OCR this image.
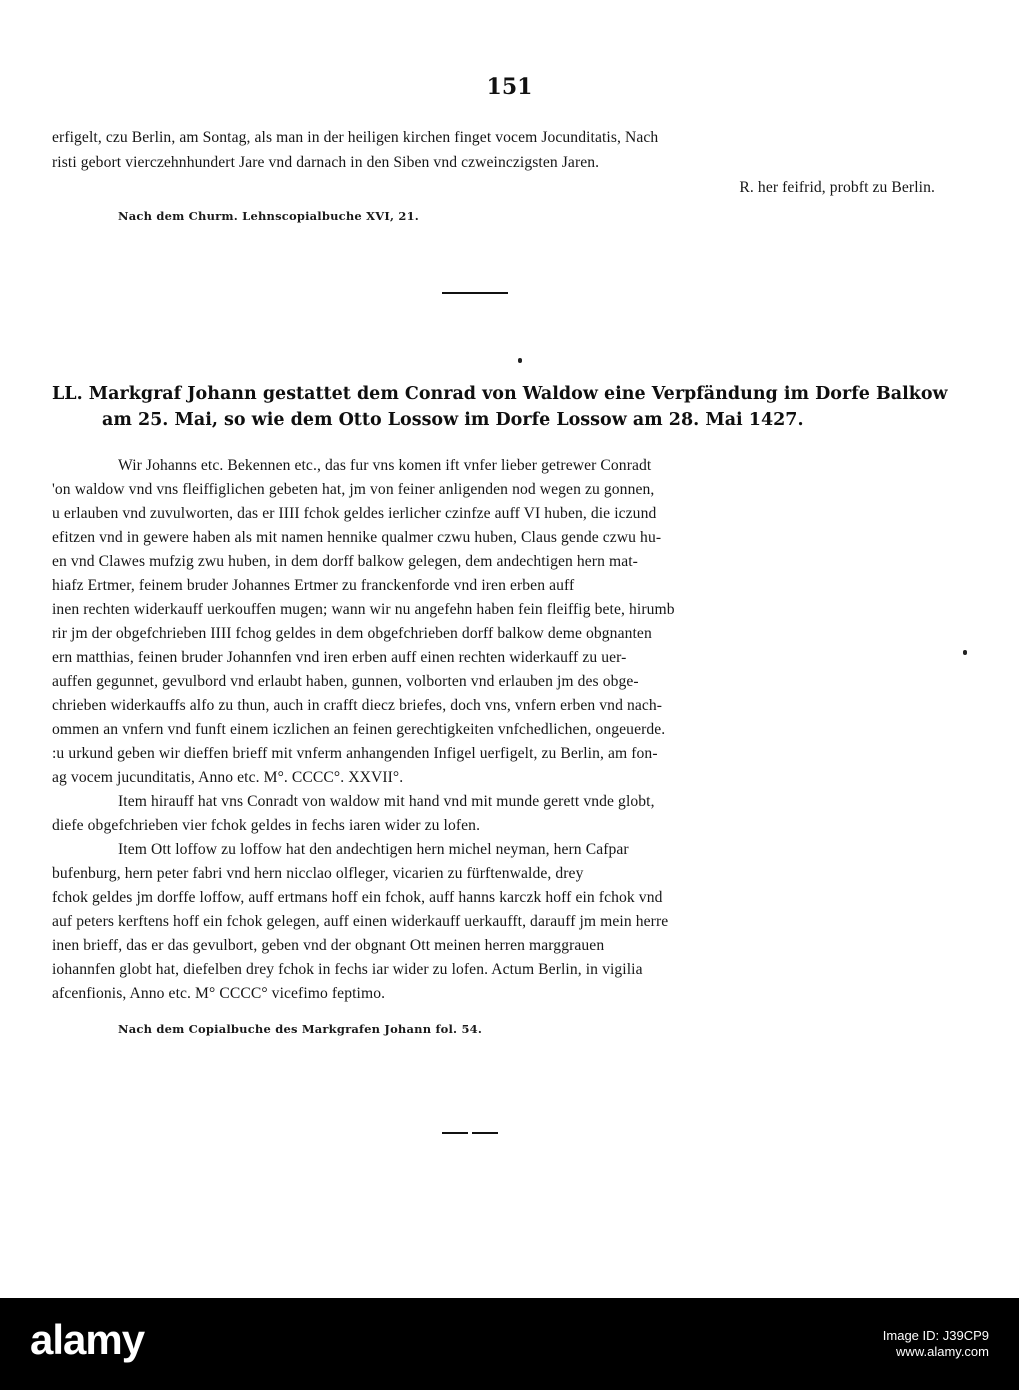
151
erfigelt, czu Berlin, am Sontag, als man in der heiligen kirchen finget vocem Jocunditatis, Nach
risti gebort vierczehnhundert Jare vnd darnach in den Siben vnd czweinczigsten Jaren.
R. her feifrid, probft zu Berlin.
Nach dem Churm. Lehnscopialbuche XVI, 21.
LL. Markgraf Johann gestattet dem Conrad von Waldow eine Verpfändung im Dorfe Balkow
am 25. Mai, so wie dem Otto Lossow im Dorfe Lossow am 28. Mai 1427.
Wir Johanns etc. Bekennen etc., das fur vns komen ift vnfer lieber getrewer Conradt
'on waldow vnd vns fleiffiglichen gebeten hat, jm von feiner anligenden nod wegen zu gonnen,
u erlauben vnd zuvulworten, das er IIII fchok geldes ierlicher czinfze auff VI huben, die iczund
efitzen vnd in gewere haben als mit namen hennike qualmer czwu huben, Claus gende czwu hu-
en vnd Clawes mufzig zwu huben, in dem dorff balkow gelegen, dem andechtigen hern mat-
hiafz Ertmer, feinem bruder Johannes Ertmer zu franckenforde vnd iren erben auff
inen rechten widerkauff uerkouffen mugen; wann wir nu angefehn haben fein fleiffig bete, hirumb
rir jm der obgefchrieben IIII fchog geldes in dem obgefchrieben dorff balkow deme obgnanten
ern matthias, feinen bruder Johannfen vnd iren erben auff einen rechten widerkauff zu uer-
auffen gegunnet, gevulbord vnd erlaubt haben, gunnen, volborten vnd erlauben jm des obge-
chrieben widerkauffs alfo zu thun, auch in crafft diecz briefes, doch vns, vnfern erben vnd nach-
ommen an vnfern vnd funft einem iczlichen an feinen gerechtigkeiten vnfchedlichen, ongeuerde.
:u urkund geben wir dieffen brieff mit vnferm anhangenden Infigel uerfigelt, zu Berlin, am fon-
ag vocem jucunditatis, Anno etc. M°. CCCC°. XXVII°.
Item hirauff hat vns Conradt von waldow mit hand vnd mit munde gerett vnde globt,
diefe obgefchrieben vier fchok geldes in fechs iaren wider zu lofen.
Item Ott loffow zu loffow hat den andechtigen hern michel neyman, hern Cafpar
bufenburg, hern peter fabri vnd hern nicclao olfleger, vicarien zu fürftenwalde, drey
fchok geldes jm dorffe loffow, auff ertmans hoff ein fchok, auff hanns karczk hoff ein fchok vnd
auf peters kerftens hoff ein fchok gelegen, auff einen widerkauff uerkaufft, darauff jm mein herre
inen brieff, das er das gevulbort, geben vnd der obgnant Ott meinen herren marggrauen
iohannfen globt hat, diefelben drey fchok in fechs iar wider zu lofen. Actum Berlin, in vigilia
afcenfionis, Anno etc. M° CCCC° vicefimo feptimo.
Nach dem Copialbuche des Markgrafen Johann fol. 54.
alamy	Image ID: J39CP9
www.alamy.com
